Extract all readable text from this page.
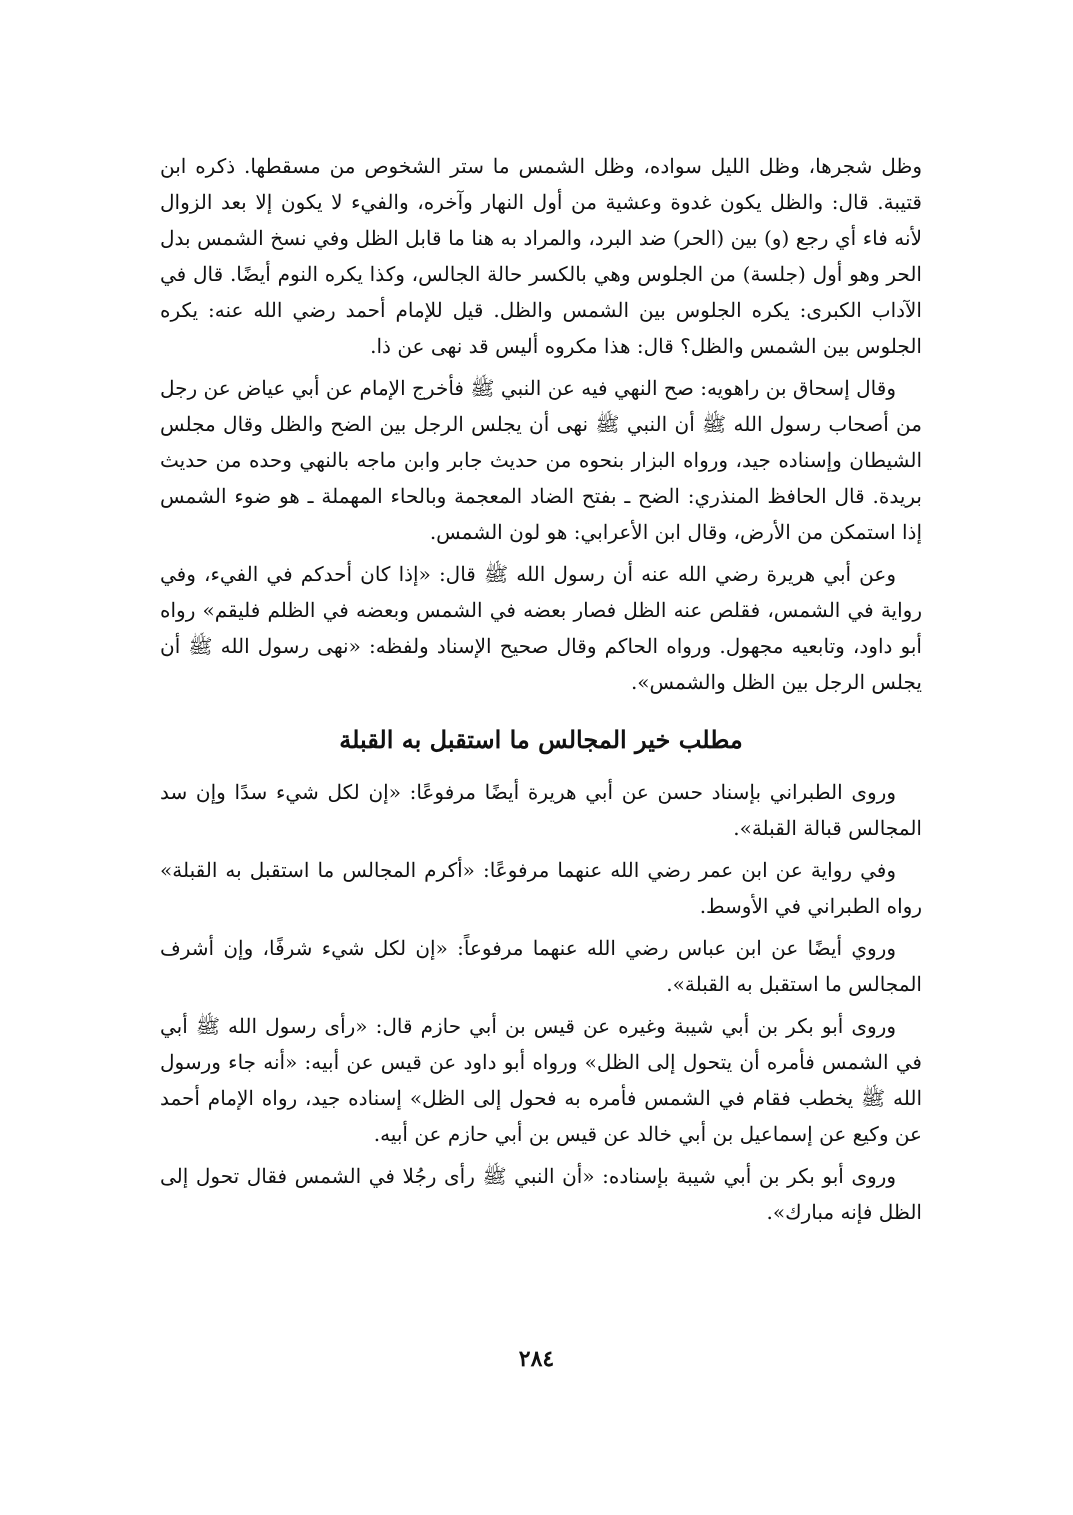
وظل شجرها، وظل الليل سواده، وظل الشمس ما ستر الشخوص من مسقطها. ذكره ابن قتيبة. قال: والظل يكون غدوة وعشية من أول النهار وآخره، والفيء لا يكون إلا بعد الزوال لأنه فاء أي رجع (و) بين (الحر) ضد البرد، والمراد به هنا ما قابل الظل وفي نسخ الشمس بدل الحر وهو أول (جلسة) من الجلوس وهي بالكسر حالة الجالس، وكذا يكره النوم أيضًا. قال في الآداب الكبرى: يكره الجلوس بين الشمس والظل. قيل للإمام أحمد رضي الله عنه: يكره الجلوس بين الشمس والظل؟ قال: هذا مكروه أليس قد نهى عن ذا.

وقال إسحاق بن راهويه: صح النهي فيه عن النبي ﷺ فأخرج الإمام عن أبي عياض عن رجل من أصحاب رسول الله ﷺ أن النبي ﷺ نهى أن يجلس الرجل بين الضح والظل وقال مجلس الشيطان وإسناده جيد، ورواه البزار بنحوه من حديث جابر وابن ماجه بالنهي وحده من حديث بريدة. قال الحافظ المنذري: الضح ـ بفتح الضاد المعجمة وبالحاء المهملة ـ هو ضوء الشمس إذا استمكن من الأرض، وقال ابن الأعرابي: هو لون الشمس.

وعن أبي هريرة رضي الله عنه أن رسول الله ﷺ قال: «إذا كان أحدكم في الفيء، وفي رواية في الشمس، فقلص عنه الظل فصار بعضه في الشمس وبعضه في الظلم فليقم» رواه أبو داود، وتابعيه مجهول. ورواه الحاكم وقال صحيح الإسناد ولفظه: «نهى رسول الله ﷺ أن يجلس الرجل بين الظل والشمس».

مطلب خير المجالس ما استقبل به القبلة

وروى الطبراني بإسناد حسن عن أبي هريرة أيضًا مرفوعًا: «إن لكل شيء سدًا وإن سد المجالس قبالة القبلة».

وفي رواية عن ابن عمر رضي الله عنهما مرفوعًا: «أكرم المجالس ما استقبل به القبلة» رواه الطبراني في الأوسط.

وروي أيضًا عن ابن عباس رضي الله عنهما مرفوعاً: «إن لكل شيء شرفًا، وإن أشرف المجالس ما استقبل به القبلة».

وروى أبو بكر بن أبي شيبة وغيره عن قيس بن أبي حازم قال: «رأى رسول الله ﷺ أبي في الشمس فأمره أن يتحول إلى الظل» ورواه أبو داود عن قيس عن أبيه: «أنه جاء ورسول الله ﷺ يخطب فقام في الشمس فأمره به فحول إلى الظل» إسناده جيد، رواه الإمام أحمد عن وكيع عن إسماعيل بن أبي خالد عن قيس بن أبي حازم عن أبيه.

وروى أبو بكر بن أبي شيبة بإسناده: «أن النبي ﷺ رأى رجُلا في الشمس فقال تحول إلى الظل فإنه مبارك».

٢٨٤
